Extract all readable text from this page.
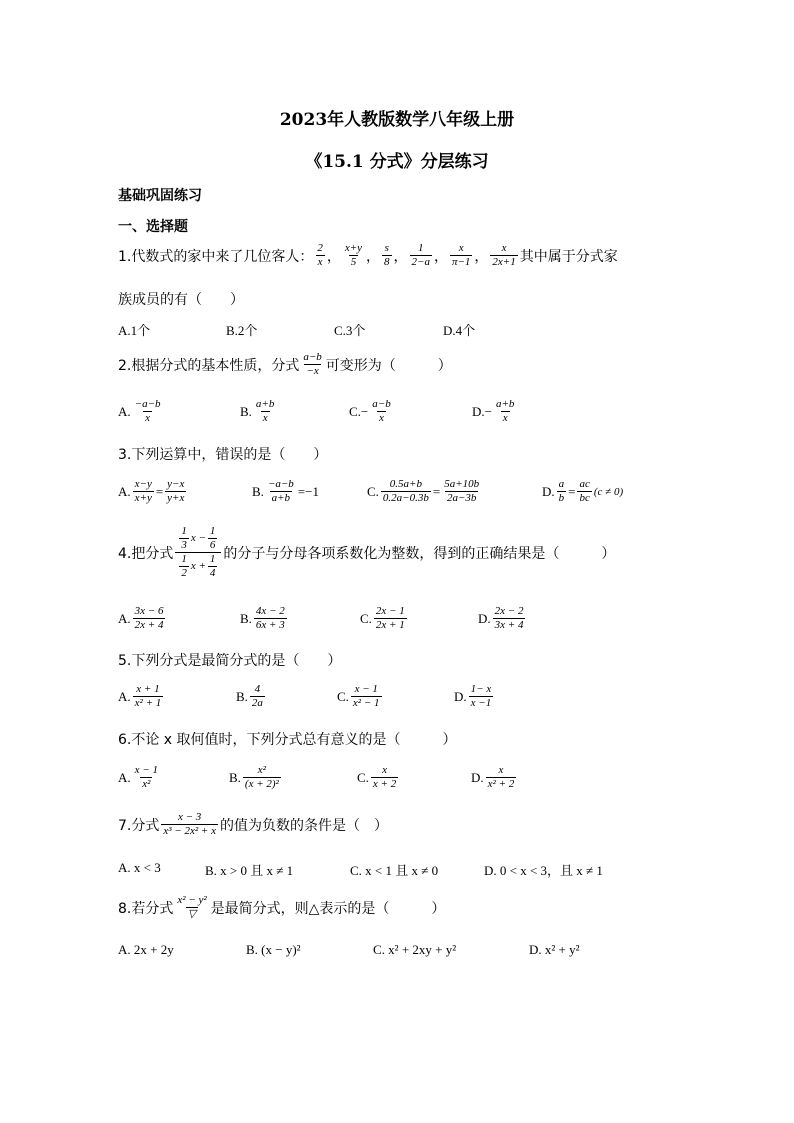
2023年人教版数学八年级上册
《15.1 分式》分层练习
基础巩固练习
一、选择题
1.代数式的家中来了几位客人： $\frac{2}{x}$ ， $\frac{x+y}{5}$ ， $\frac{s}{8}$ ， $\frac{1}{2-a}$ ， $\frac{x}{\pi-1}$ ， $\frac{x}{2x+1}$ 其中属于分式家
族成员的有（　　）
A.1个	B.2个	C.3个	D.4个
2.根据分式的基本性质，分式 $\frac{a-b}{-x}$ 可变形为（　　　）
A. $\frac{-a-b}{x}$	B. $\frac{a+b}{x}$	C. − $\frac{a-b}{x}$	D. − $\frac{a+b}{x}$
3.下列运算中，错误的是（　　）
A. $\frac{x-y}{x+y} = \frac{y-x}{y+x}$	B. $\frac{-a-b}{a+b} =-1$	C. $\frac{0.5a+b}{0.2a-0.3b} = \frac{5a+10b}{2a-3b}$	D. $\frac{a}{b} = \frac{ac}{bc} (c \ne 0)$
4.把分式 $\frac{\frac{1}{3} x - \frac{1}{6}}{\frac{1}{2} x + \frac{1}{4}}$ 的分子与分母各项系数化为整数，得到的正确结果是（　　　）
A. $\frac{3x - 6}{2x + 4}$	B. $\frac{4x - 2}{6x + 3}$	C. $\frac{2x - 1}{2x + 1}$	D. $\frac{2x - 2}{3x + 4}$
5.下列分式是最简分式的是（　　）
A. $\frac{x + 1}{\text{x² + 1}}$	B. $\frac{4}{2a}$	C. $\frac{x - 1}{\text{x² − 1}}$	D. $\frac{1- x}{x -1}$
6.不论 x 取何值时，下列分式总有意义的是（　　　）
A. $\frac{x - 1}{\text{x²}}$	B. $\frac{\text{x²}}{\text{(x + 2)²}}$	C. $\frac{x}{x + 2}$	D. $\frac{x}{\text{x² + 2}}$
7.分式 $\frac{x - 3}{\text{x³ − 2x² + x}}$ 的值为负数的条件是（　）
A. x < 3	B. x > 0 且 x ≠ 1	C. x < 1 且 x ≠ 0	D. 0 < x < 3，且 x ≠ 1
8.若分式 $\frac{\text{x² − y²}}{▽}$ 是最简分式，则△表示的是（　　　）
A. 2x + 2y	B. (x − y)²	C. x² + 2xy + y²	D. x² + y²
